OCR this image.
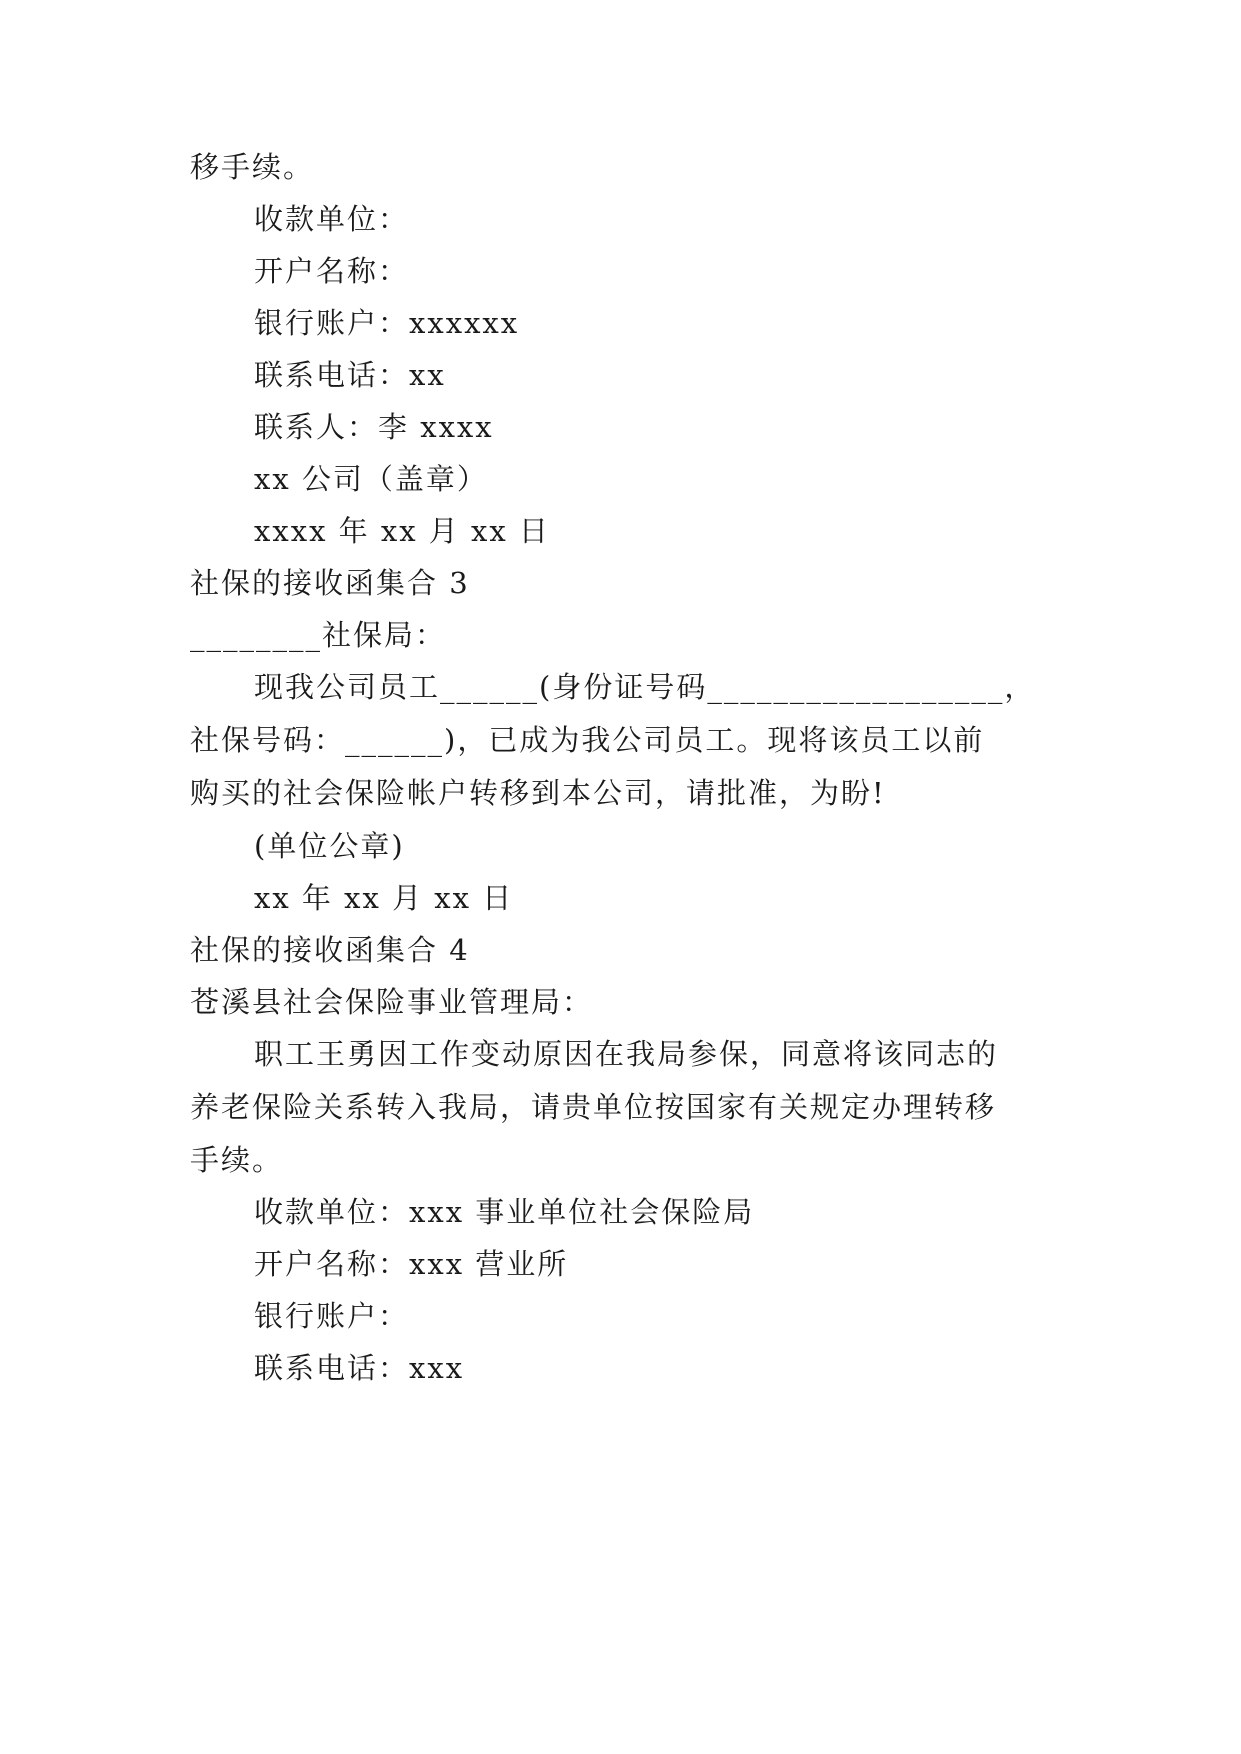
移手续。
收款单位：
开户名称：
银行账户：xxxxxx
联系电话：xx
联系人：李 xxxx
xx 公司（盖章）
xxxx 年 xx 月 xx 日
社保的接收函集合 3
________社保局：
现我公司员工______(身份证号码__________________，
社保号码：______)，已成为我公司员工。现将该员工以前
购买的社会保险帐户转移到本公司，请批准，为盼!
(单位公章)
xx 年 xx 月 xx 日
社保的接收函集合 4
苍溪县社会保险事业管理局：
职工王勇因工作变动原因在我局参保，同意将该同志的
养老保险关系转入我局，请贵单位按国家有关规定办理转移
手续。
收款单位：xxx 事业单位社会保险局
开户名称：xxx 营业所
银行账户：
联系电话：xxx
